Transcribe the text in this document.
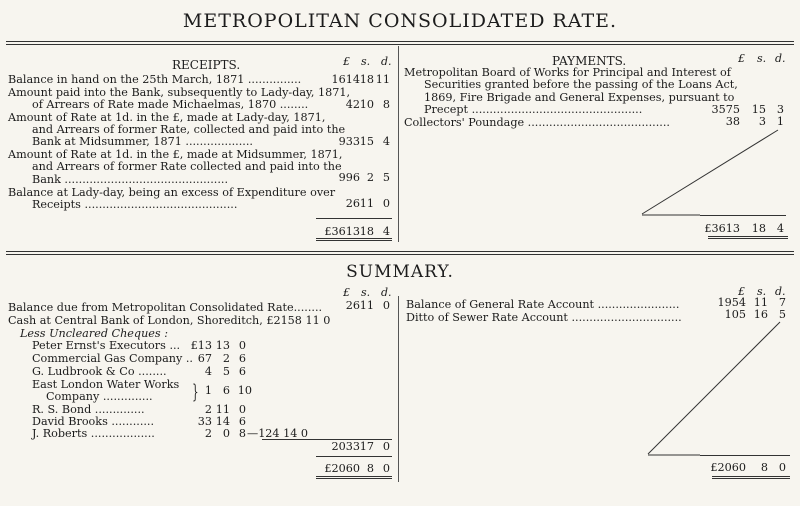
METROPOLITAN CONSOLIDATED RATE.
RECEIPTS.	£ s. d.	PAYMENTS.	£ s. d.
Balance in hand on the 25th March, 1871 ...............	1614 18 11
Amount paid into the Bank, subsequently to Lady-day, 1871,
of Arrears of Rate made Michaelmas, 1870 ........	42 10 8
Amount of Rate at 1d. in the £, made at Lady-day, 1871,
and Arrears of former Rate, collected and paid into the
Bank at Midsummer, 1871 ...................	933 15 4
Amount of Rate at 1d. in the £, made at Midsummer, 1871,
and Arrears of former Rate collected and paid into the
Bank ..............................................	996 2 5
Balance at Lady-day, being an excess of Expenditure over
Receipts ...........................................	26 11 0
£3613 18 4
Metropolitan Board of Works for Principal and Interest of
Securities granted before the passing of the Loans Act,
1869, Fire Brigade and General Expenses, pursuant to
Precept ................................................	3575	15 3
Collectors' Poundage ........................................	38	3 1
£3613	18 4
SUMMARY.
£ s. d.	£ s. d.
Balance due from Metropolitan Consolidated Rate........	26 11 0
Cash at Central Bank of London, Shoreditch, £2158 11 0
Less Uncleared Cheques :
Peter Ernst's Executors ... £13 13 0
Commercial Gas Company .. 67 2 6
G. Ludbrook & Co ........	4 5 6
East London Water Works
Company .............. } 1 6 10
R. S. Bond ..............	2 11 0
David Brooks ............	33 14 6
J. Roberts ..................	2 0 8 —124 14 0
2033 17 0
£2060 8 0
Balance of General Rate Account .......................	1954 11 7
Ditto of Sewer Rate Account ...............................	105 16 5
£2060	8 0
